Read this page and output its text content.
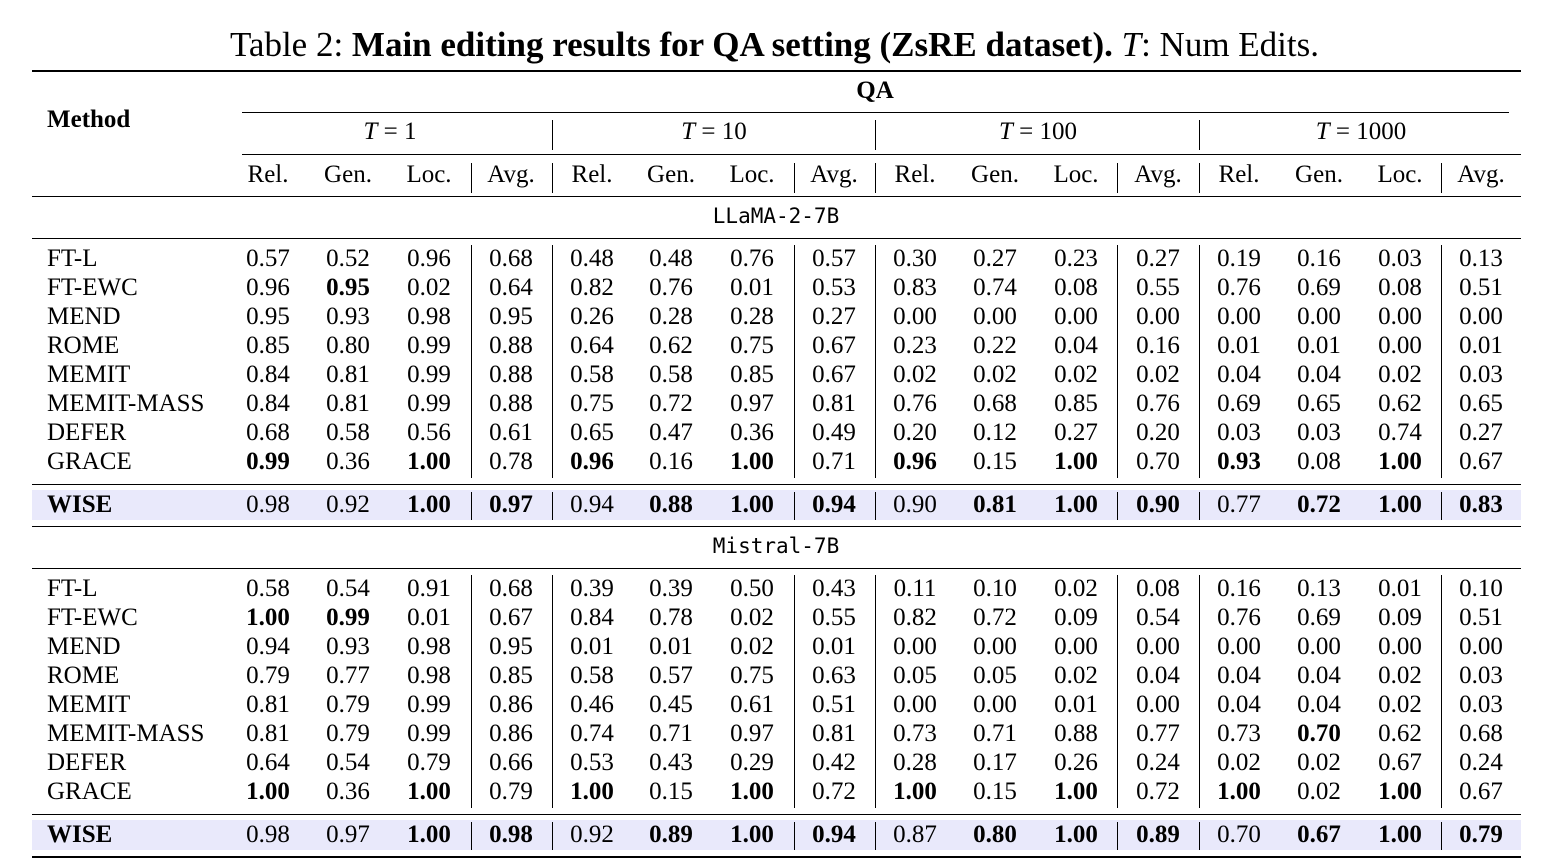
Table 2: Main editing results for QA setting (ZsRE dataset). T: Num Edits.
Method
QA
T = 1	T = 10	T = 100	T = 1000
Rel.	Gen.	Loc.	Avg.	Rel.	Gen.	Loc.	Avg.	Rel.	Gen.	Loc.	Avg.	Rel.	Gen.	Loc.	Avg.
LLaMA-2-7B
FT-L	0.57	0.52	0.96	0.68	0.48	0.48	0.76	0.57	0.30	0.27	0.23	0.27	0.19	0.16	0.03	0.13
FT-EWC	0.96	0.95	0.02	0.64	0.82	0.76	0.01	0.53	0.83	0.74	0.08	0.55	0.76	0.69	0.08	0.51
MEND	0.95	0.93	0.98	0.95	0.26	0.28	0.28	0.27	0.00	0.00	0.00	0.00	0.00	0.00	0.00	0.00
ROME	0.85	0.80	0.99	0.88	0.64	0.62	0.75	0.67	0.23	0.22	0.04	0.16	0.01	0.01	0.00	0.01
MEMIT	0.84	0.81	0.99	0.88	0.58	0.58	0.85	0.67	0.02	0.02	0.02	0.02	0.04	0.04	0.02	0.03
MEMIT-MASS	0.84	0.81	0.99	0.88	0.75	0.72	0.97	0.81	0.76	0.68	0.85	0.76	0.69	0.65	0.62	0.65
DEFER	0.68	0.58	0.56	0.61	0.65	0.47	0.36	0.49	0.20	0.12	0.27	0.20	0.03	0.03	0.74	0.27
GRACE	0.99	0.36	1.00	0.78	0.96	0.16	1.00	0.71	0.96	0.15	1.00	0.70	0.93	0.08	1.00	0.67
WISE	0.98	0.92	1.00	0.97	0.94	0.88	1.00	0.94	0.90	0.81	1.00	0.90	0.77	0.72	1.00	0.83
Mistral-7B
FT-L	0.58	0.54	0.91	0.68	0.39	0.39	0.50	0.43	0.11	0.10	0.02	0.08	0.16	0.13	0.01	0.10
FT-EWC	1.00	0.99	0.01	0.67	0.84	0.78	0.02	0.55	0.82	0.72	0.09	0.54	0.76	0.69	0.09	0.51
MEND	0.94	0.93	0.98	0.95	0.01	0.01	0.02	0.01	0.00	0.00	0.00	0.00	0.00	0.00	0.00	0.00
ROME	0.79	0.77	0.98	0.85	0.58	0.57	0.75	0.63	0.05	0.05	0.02	0.04	0.04	0.04	0.02	0.03
MEMIT	0.81	0.79	0.99	0.86	0.46	0.45	0.61	0.51	0.00	0.00	0.01	0.00	0.04	0.04	0.02	0.03
MEMIT-MASS	0.81	0.79	0.99	0.86	0.74	0.71	0.97	0.81	0.73	0.71	0.88	0.77	0.73	0.70	0.62	0.68
DEFER	0.64	0.54	0.79	0.66	0.53	0.43	0.29	0.42	0.28	0.17	0.26	0.24	0.02	0.02	0.67	0.24
GRACE	1.00	0.36	1.00	0.79	1.00	0.15	1.00	0.72	1.00	0.15	1.00	0.72	1.00	0.02	1.00	0.67
WISE	0.98	0.97	1.00	0.98	0.92	0.89	1.00	0.94	0.87	0.80	1.00	0.89	0.70	0.67	1.00	0.79
